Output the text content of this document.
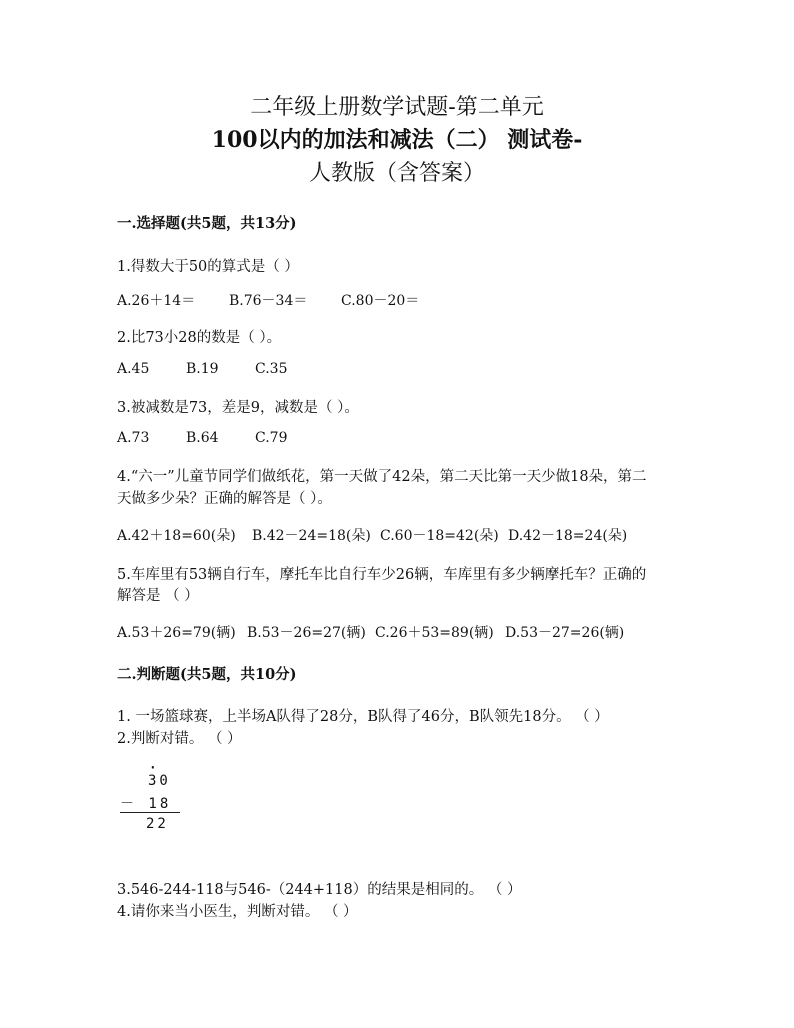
二年级上册数学试题-第二单元
100以内的加法和减法（二） 测试卷-
人教版（含答案）
一.选择题(共5题，共13分)
1.得数大于50的算式是（ ）
A.26＋14＝ B.76－34＝ C.80－20＝
2.比73小28的数是（ ）。
A.45	B.19	C.35
3.被减数是73，差是9，减数是（ ）。
A.73	B.64	C.79
4.“六一”儿童节同学们做纸花，第一天做了42朵，第二天比第一天少做18朵，第二
天做多少朵？正确的解答是（ ）。
A.42＋18=60(朵) B.42－24=18(朵) C.60－18=42(朵) D.42－18=24(朵)
5.车库里有53辆自行车，摩托车比自行车少26辆，车库里有多少辆摩托车？正确的
解答是 （ ）
A.53＋26=79(辆) B.53－26=27(辆) C.26＋53=89(辆) D.53－27=26(辆)
二.判断题(共5题，共10分)
1. 一场篮球赛，上半场A队得了28分，B队得了46分，B队领先18分。 （ ）
2.判断对错。 （ ）
·
30
－ 18
22
3.546-244-118与546-（244+118）的结果是相同的。 （ ）
4.请你来当小医生，判断对错。 （ ）
